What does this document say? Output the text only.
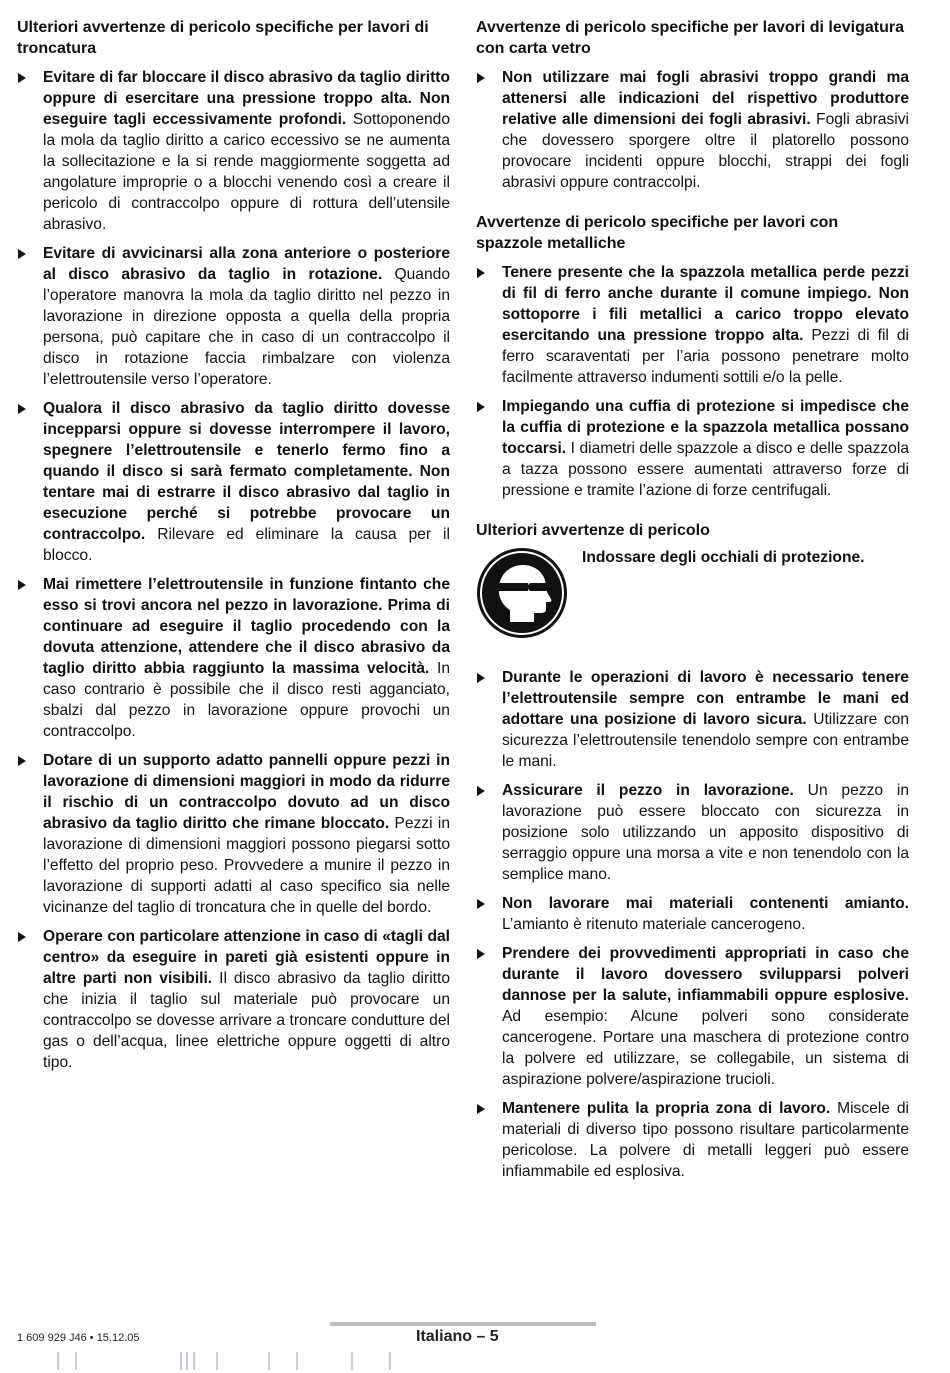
Ulteriori avvertenze di pericolo specifiche per lavori di troncatura
Evitare di far bloccare il disco abrasivo da taglio diritto oppure di esercitare una pressione troppo alta. Non eseguire tagli eccessivamente profondi. Sottoponendo la mola da taglio diritto a carico eccessivo se ne aumenta la sollecitazione e la si rende maggiormente soggetta ad angolature improprie o a blocchi venendo così a creare il pericolo di contraccolpo oppure di rottura dell’utensile abrasivo.
Evitare di avvicinarsi alla zona anteriore o posteriore al disco abrasivo da taglio in rotazione. Quando l’operatore manovra la mola da taglio diritto nel pezzo in lavorazione in direzione opposta a quella della propria persona, può capitare che in caso di un contraccolpo il disco in rotazione faccia rimbalzare con violenza l’elettroutensile verso l’operatore.
Qualora il disco abrasivo da taglio diritto dovesse incepparsi oppure si dovesse interrompere il lavoro, spegnere l’elettroutensile e tenerlo fermo fino a quando il disco si sarà fermato completamente. Non tentare mai di estrarre il disco abrasivo dal taglio in esecuzione perché si potrebbe provocare un contraccolpo. Rilevare ed eliminare la causa per il blocco.
Mai rimettere l’elettroutensile in funzione fintanto che esso si trovi ancora nel pezzo in lavorazione. Prima di continuare ad eseguire il taglio procedendo con la dovuta attenzione, attendere che il disco abrasivo da taglio diritto abbia raggiunto la massima velocità. In caso contrario è possibile che il disco resti agganciato, sbalzi dal pezzo in lavorazione oppure provochi un contraccolpo.
Dotare di un supporto adatto pannelli oppure pezzi in lavorazione di dimensioni maggiori in modo da ridurre il rischio di un contraccolpo dovuto ad un disco abrasivo da taglio diritto che rimane bloccato. Pezzi in lavorazione di dimensioni maggiori possono piegarsi sotto l’effetto del proprio peso. Provvedere a munire il pezzo in lavorazione di supporti adatti al caso specifico sia nelle vicinanze del taglio di troncatura che in quelle del bordo.
Operare con particolare attenzione in caso di «tagli dal centro» da eseguire in pareti già esistenti oppure in altre parti non visibili. Il disco abrasivo da taglio diritto che inizia il taglio sul materiale può provocare un contraccolpo se dovesse arrivare a troncare condutture del gas o dell’acqua, linee elettriche oppure oggetti di altro tipo.
Avvertenze di pericolo specifiche per lavori di levigatura con carta vetro
Non utilizzare mai fogli abrasivi troppo grandi ma attenersi alle indicazioni del rispettivo produttore relative alle dimensioni dei fogli abrasivi. Fogli abrasivi che dovessero sporgere oltre il platorello possono provocare incidenti oppure blocchi, strappi dei fogli abrasivi oppure contraccolpi.
Avvertenze di pericolo specifiche per lavori con spazzole metalliche
Tenere presente che la spazzola metallica perde pezzi di fil di ferro anche durante il comune impiego. Non sottoporre i fili metallici a carico troppo elevato esercitando una pressione troppo alta. Pezzi di fil di ferro scaraventati per l’aria possono penetrare molto facilmente attraverso indumenti sottili e/o la pelle.
Impiegando una cuffia di protezione si impedisce che la cuffia di protezione e la spazzola metallica possano toccarsi. I diametri delle spazzole a disco e delle spazzola a tazza possono essere aumentati attraverso forze di pressione e tramite l’azione di forze centrifugali.
Ulteriori avvertenze di pericolo
Indossare degli occhiali di protezione.
Durante le operazioni di lavoro è necessario tenere l’elettroutensile sempre con entrambe le mani ed adottare una posizione di lavoro sicura. Utilizzare con sicurezza l’elettroutensile tenendolo sempre con entrambe le mani.
Assicurare il pezzo in lavorazione. Un pezzo in lavorazione può essere bloccato con sicurezza in posizione solo utilizzando un apposito dispositivo di serraggio oppure una morsa a vite e non tenendolo con la semplice mano.
Non lavorare mai materiali contenenti amianto. L’amianto è ritenuto materiale cancerogeno.
Prendere dei provvedimenti appropriati in caso che durante il lavoro dovessero svilupparsi polveri dannose per la salute, infiammabili oppure esplosive. Ad esempio: Alcune polveri sono considerate cancerogene. Portare una maschera di protezione contro la polvere ed utilizzare, se collegabile, un sistema di aspirazione polvere/aspirazione trucioli.
Mantenere pulita la propria zona di lavoro. Miscele di materiali di diverso tipo possono risultare particolarmente pericolose. La polvere di metalli leggeri può essere infiammabile ed esplosiva.
1 609 929 J46 • 15.12.05	Italiano – 5
